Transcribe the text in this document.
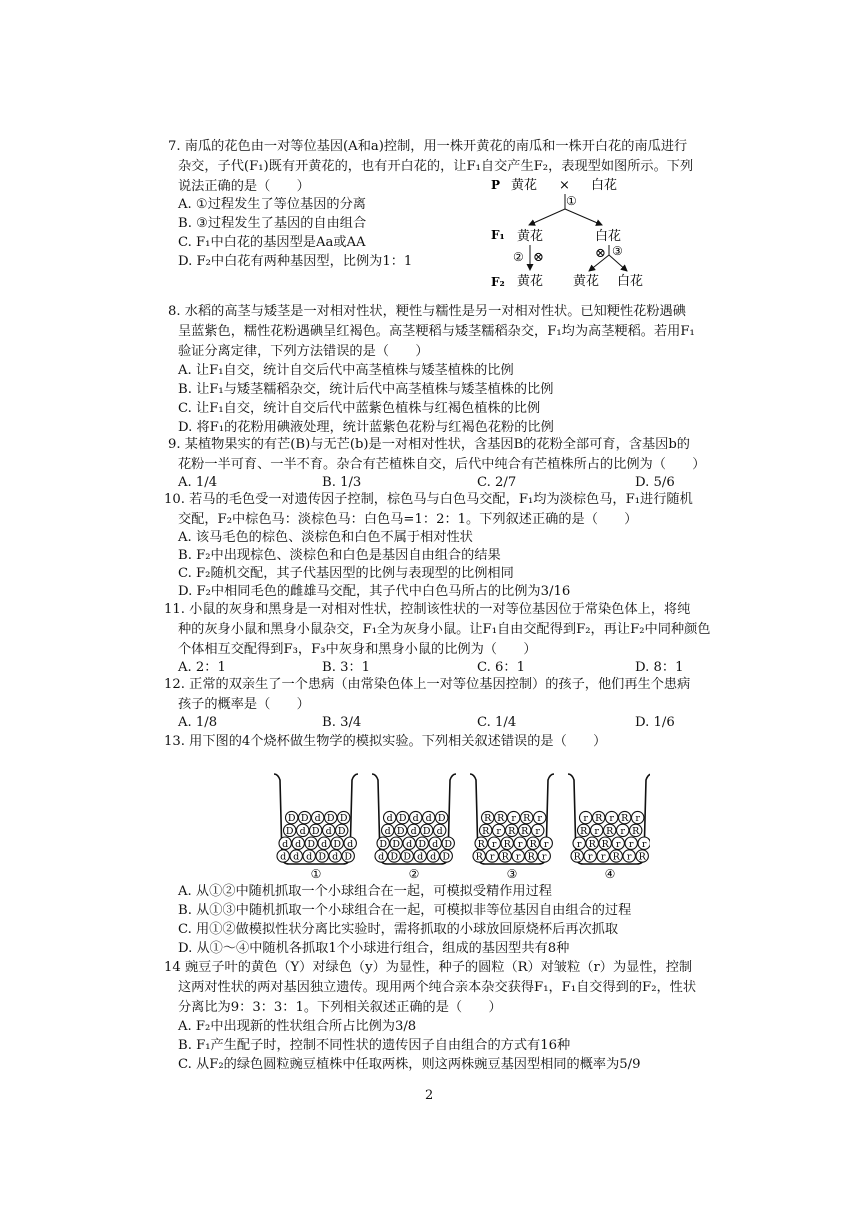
7. 南瓜的花色由一对等位基因(A和a)控制，用一株开黄花的南瓜和一株开白花的南瓜进行
杂交，子代(F₁)既有开黄花的，也有开白花的，让F₁自交产生F₂，表现型如图所示。下列
说法正确的是（　　）
A. ①过程发生了等位基因的分离
B. ③过程发生了基因的自由组合
C. F₁中白花的基因型是Aa或AA
D. F₂中白花有两种基因型，比例为1：1
P 黄花 × 白花
①
F₁ 黄花	白花
② ⊗	⊗ ③
F₂ 黄花 黄花 白花
8. 水稻的高茎与矮茎是一对相对性状，粳性与糯性是另一对相对性状。已知粳性花粉遇碘
呈蓝紫色，糯性花粉遇碘呈红褐色。高茎粳稻与矮茎糯稻杂交，F₁均为高茎粳稻。若用F₁
验证分离定律，下列方法错误的是（　　）
A. 让F₁自交，统计自交后代中高茎植株与矮茎植株的比例
B. 让F₁与矮茎糯稻杂交，统计后代中高茎植株与矮茎植株的比例
C. 让F₁自交，统计自交后代中蓝紫色植株与红褐色植株的比例
D. 将F₁的花粉用碘液处理，统计蓝紫色花粉与红褐色花粉的比例
9. 某植物果实的有芒(B)与无芒(b)是一对相对性状，含基因B的花粉全部可育，含基因b的
花粉一半可育、一半不育。杂合有芒植株自交，后代中纯合有芒植株所占的比例为（　　）
A. 1/4	B. 1/3	C. 2/7	D. 5/6
10. 若马的毛色受一对遗传因子控制，棕色马与白色马交配，F₁均为淡棕色马，F₁进行随机
交配，F₂中棕色马：淡棕色马：白色马=1：2：1。下列叙述正确的是（　　）
A. 该马毛色的棕色、淡棕色和白色不属于相对性状
B. F₂中出现棕色、淡棕色和白色是基因自由组合的结果
C. F₂随机交配，其子代基因型的比例与表现型的比例相同
D. F₂中相同毛色的雌雄马交配，其子代中白色马所占的比例为3/16
11. 小鼠的灰身和黑身是一对相对性状，控制该性状的一对等位基因位于常染色体上，将纯
种的灰身小鼠和黑身小鼠杂交，F₁全为灰身小鼠。让F₁自由交配得到F₂，再让F₂中同种颜色
个体相互交配得到F₃，F₃中灰身和黑身小鼠的比例为（　　）
A. 2：1	B. 3：1	C. 6：1	D. 8：1
12. 正常的双亲生了一个患病（由常染色体上一对等位基因控制）的孩子，他们再生个患病
孩子的概率是（　　）
A. 1/8	B. 3/4	C. 1/4	D. 1/6
13. 用下图的4个烧杯做生物学的模拟实验。下列相关叙述错误的是（　　）
d d d D d D
d d D d D d
D d D d D
D D d D D
①
d D D d d D
D D d D d D
d D d D d
d D d d D
②
R r R r R r
R r R r R r
R r R R r
R R r R r
③
R r r R r R
r R R r r r
R r R r R
r R r R r
④
A. 从①②中随机抓取一个小球组合在一起，可模拟受精作用过程
B. 从①③中随机抓取一个小球组合在一起，可模拟非等位基因自由组合的过程
C. 用①②做模拟性状分离比实验时，需将抓取的小球放回原烧杯后再次抓取
D. 从①～④中随机各抓取1个小球进行组合，组成的基因型共有8种
14 豌豆子叶的黄色（Y）对绿色（y）为显性，种子的圆粒（R）对皱粒（r）为显性，控制
这两对性状的两对基因独立遗传。现用两个纯合亲本杂交获得F₁，F₁自交得到的F₂，性状
分离比为9：3：3：1。下列相关叙述正确的是（　　）
A. F₂中出现新的性状组合所占比例为3/8
B. F₁产生配子时，控制不同性状的遗传因子自由组合的方式有16种
C. 从F₂的绿色圆粒豌豆植株中任取两株，则这两株豌豆基因型相同的概率为5/9
2
